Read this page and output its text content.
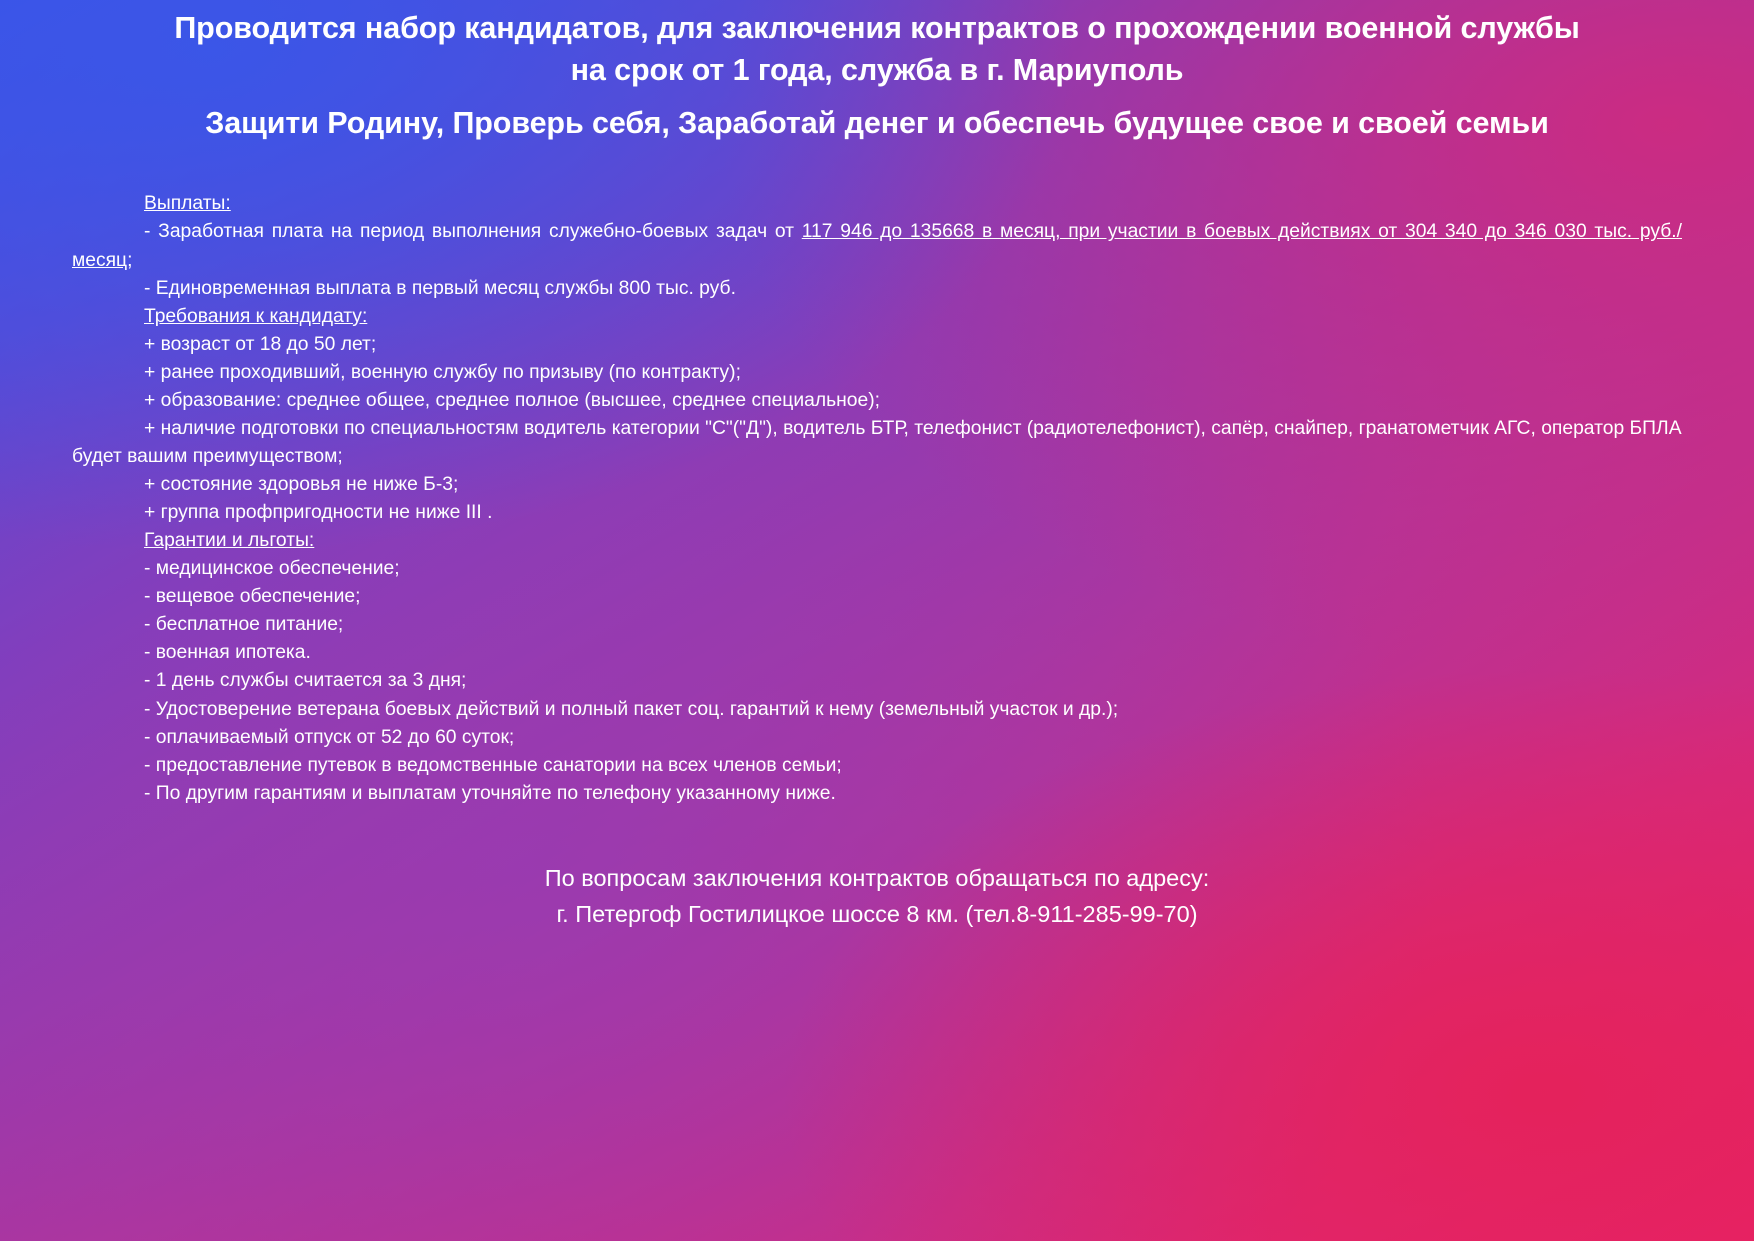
Проводится набор кандидатов, для заключения контрактов о прохождении военной службы
на срок от 1 года, служба в г. Мариуполь
Защити Родину, Проверь себя, Заработай денег и обеспечь будущее свое и своей семьи
Выплаты:
- Заработная плата на период выполнения служебно-боевых задач от 117 946 до 135668 в месяц, при участии в боевых действиях от 304 340 до 346 030 тыс. руб./ месяц;
- Единовременная выплата в первый месяц службы 800 тыс. руб.
Требования к кандидату:
+ возраст от 18 до 50 лет;
+ ранее проходивший, военную службу по призыву (по контракту);
+ образование: среднее общее, среднее полное (высшее, среднее специальное);
+ наличие подготовки по специальностям водитель категории "С"("Д"), водитель БТР, телефонист (радиотелефонист), сапёр, снайпер, гранатометчик АГС, оператор БПЛА будет вашим преимуществом;
+ состояние здоровья не ниже Б-3;
+ группа профпригодности не ниже III .
Гарантии и льготы:
- медицинское обеспечение;
- вещевое обеспечение;
- бесплатное питание;
- военная ипотека.
- 1 день службы считается за 3 дня;
- Удостоверение ветерана боевых действий и полный пакет соц. гарантий к нему (земельный участок и др.);
- оплачиваемый отпуск от 52 до 60 суток;
- предоставление путевок в ведомственные санатории на всех членов семьи;
- По другим гарантиям и выплатам уточняйте по телефону указанному ниже.
По вопросам заключения контрактов обращаться по адресу:
г. Петергоф Гостилицкое шоссе 8 км. (тел.8-911-285-99-70)
